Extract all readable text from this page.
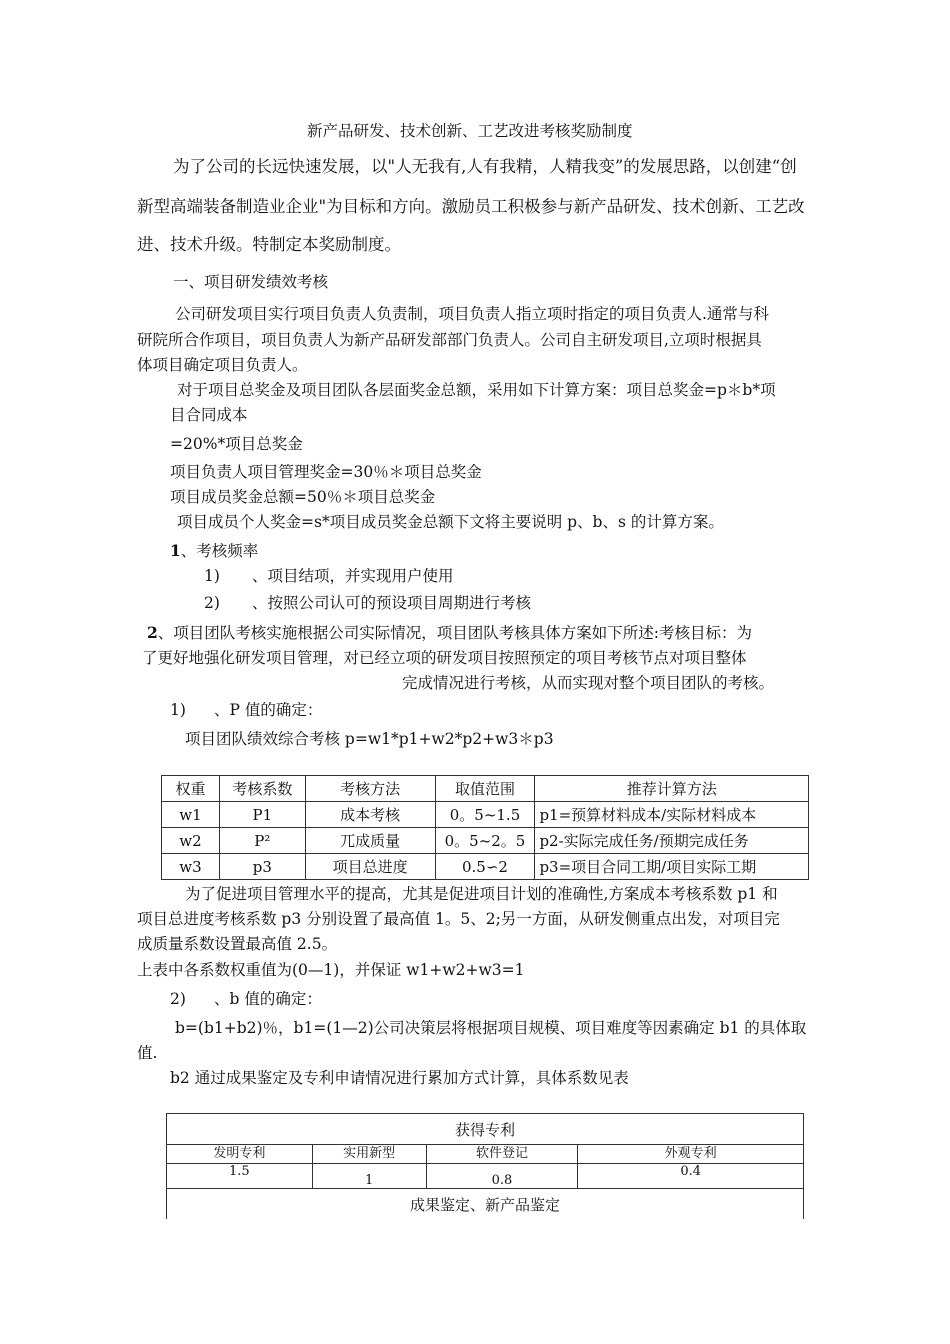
新产品研发、技术创新、工艺改进考核奖励制度
为了公司的长远快速发展，以"人无我有,人有我精，人精我变”的发展思路，以创建“创
新型高端装备制造业企业"为目标和方向。激励员工积极参与新产品研发、技术创新、工艺改
进、技术升级。特制定本奖励制度。
一、项目研发绩效考核
公司研发项目实行项目负责人负责制，项目负责人指立项时指定的项目负责人.通常与科
研院所合作项目，项目负责人为新产品研发部部门负责人。公司自主研发项目,立项时根据具
体项目确定项目负责人。
对于项目总奖金及项目团队各层面奖金总额，采用如下计算方案：项目总奖金=p＊b*项
目合同成本
=20%*项目总奖金
项目负责人项目管理奖金=30％＊项目总奖金
项目成员奖金总额=50％＊项目总奖金
项目成员个人奖金=s*项目成员奖金总额下文将主要说明 p、b、s 的计算方案。
1、考核频率
1) 、项目结项，并实现用户使用
2) 、按照公司认可的预设项目周期进行考核
2、项目团队考核实施根据公司实际情况，项目团队考核具体方案如下所述:考核目标：为
了更好地强化研发项目管理，对已经立项的研发项目按照预定的项目考核节点对项目整体
完成情况进行考核，从而实现对整个项目团队的考核。
1) 、P 值的确定：
项目团队绩效综合考核 p=w1*p1+w2*p2+w3＊p3
权重	考核系数	考核方法	取值范围	推荐计算方法
w1	P1	成本考核	0。5~1.5	p1=预算材料成本/实际材料成本
w2	P²	兀成质量	0。5~2。5	p2-实际完成任务/预期完成任务
w3	p3	项目总进度	0.5∽2	p3=项目合同工期/项目实际工期
为了促进项目管理水平的提高，尤其是促进项目计划的准确性,方案成本考核系数 p1 和
项目总进度考核系数 p3 分别设置了最高值 1。5、2;另一方面，从研发侧重点出发，对项目完
成质量系数设置最高值 2.5。
上表中各系数权重值为(0—1)，并保证 w1+w2+w3=1
2) 、b 值的确定：
b=(b1+b2)％，b1=(1—2)公司决策层将根据项目规模、项目难度等因素确定 b1 的具体取
值.
b2 通过成果鉴定及专利申请情况进行累加方式计算，具体系数见表
获得专利			
发明专利	实用新型	软件登记	外观专利
1.5	1	0.8	0.4
成果鉴定、新产品鉴定			
